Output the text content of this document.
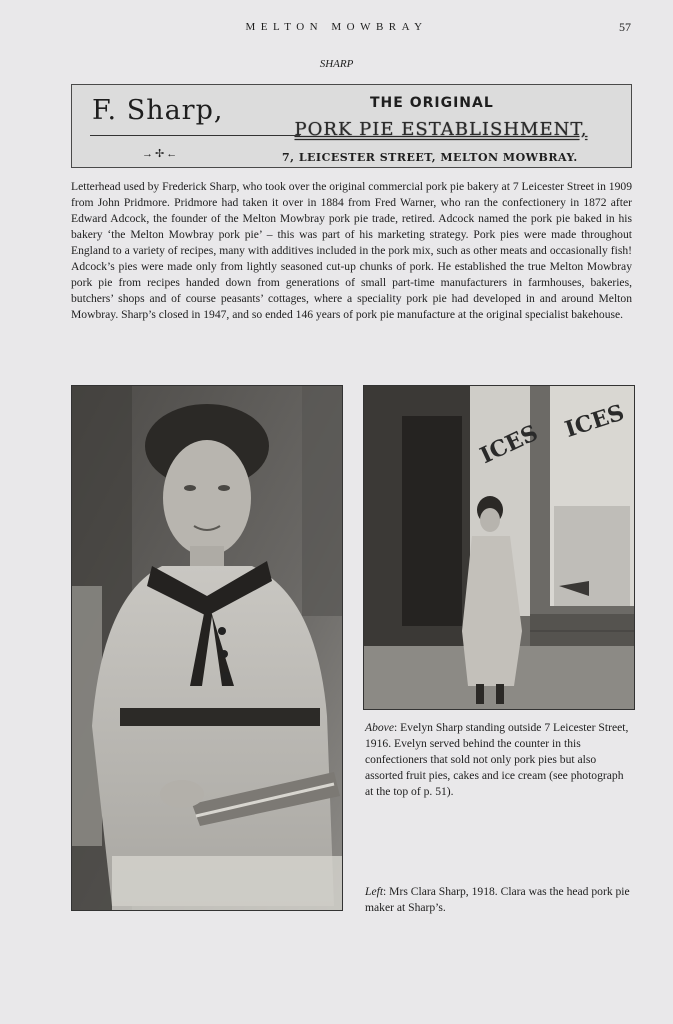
MELTON MOWBRAY	57
SHARP
F. Sharp,
→✢←
THE ORIGINAL
PORK PIE ESTABLISHMENT,
7, LEICESTER STREET, MELTON MOWBRAY.

Letterhead used by Frederick Sharp, who took over the original commercial pork pie bakery at 7 Leicester Street in 1909 from John Pridmore. Pridmore had taken it over in 1884 from Fred Warner, who ran the confectionery in 1872 after Edward Adcock, the founder of the Melton Mowbray pork pie trade, retired. Adcock named the pork pie baked in his bakery ‘the Melton Mowbray pork pie’ – this was part of his marketing strategy. Pork pies were made throughout England to a variety of recipes, many with additives included in the pork mix, such as other meats and occasionally fish! Adcock’s pies were made only from lightly seasoned cut-up chunks of pork. He established the true Melton Mowbray pork pie from recipes handed down from generations of small part-time manufacturers in farmhouses, bakeries, butchers’ shops and of course peasants’ cottages, where a speciality pork pie had developed in and around Melton Mowbray. Sharp’s closed in 1947, and so ended 146 years of pork pie manufacture at the original specialist bakehouse.

ICES ICES

Above: Evelyn Sharp standing outside 7 Leicester Street, 1916. Evelyn served behind the counter in this confectioners that sold not only pork pies but also assorted fruit pies, cakes and ice cream (see photograph at the top of p. 51).

Left: Mrs Clara Sharp, 1918. Clara was the head pork pie maker at Sharp’s.
